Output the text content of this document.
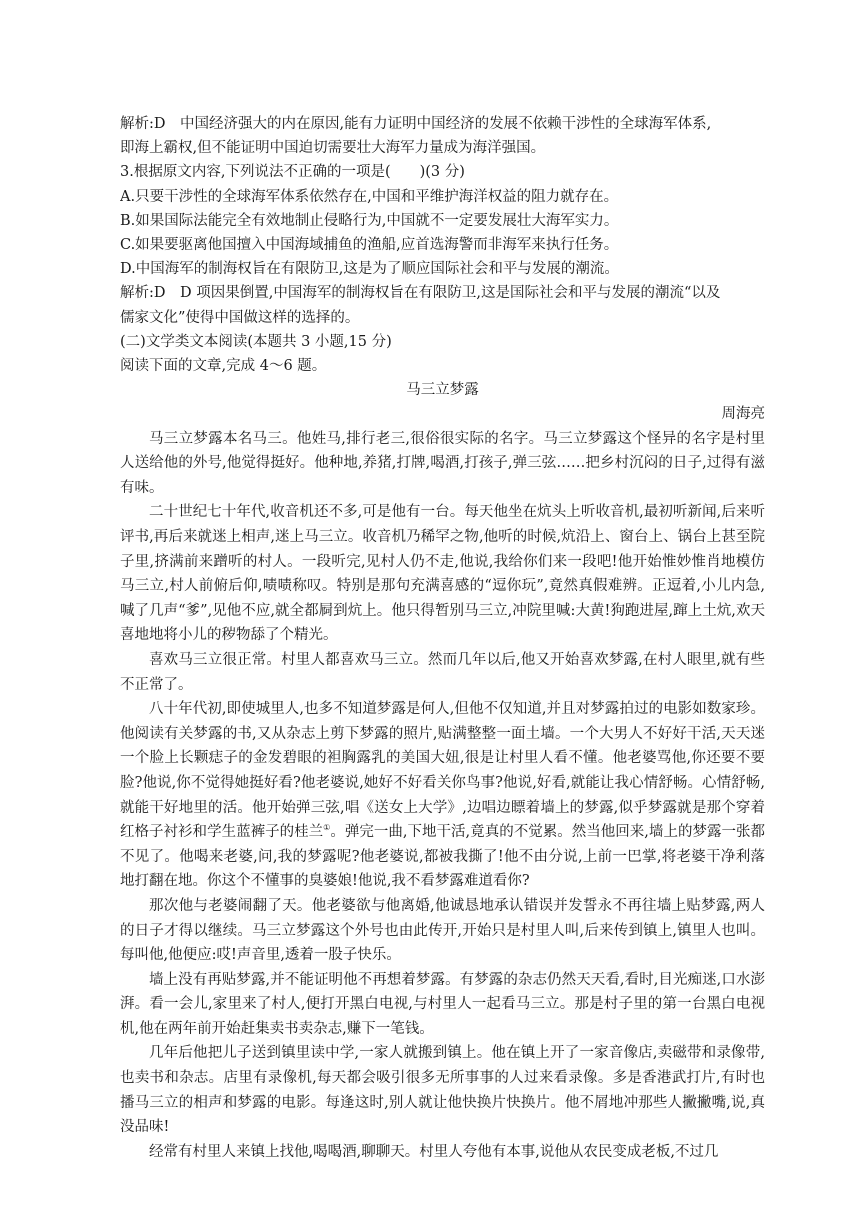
解析:D　中国经济强大的内在原因,能有力证明中国经济的发展不依赖干涉性的全球海军体系,
即海上霸权,但不能证明中国迫切需要壮大海军力量成为海洋强国。
3.根据原文内容,下列说法不正确的一项是(　　)(3 分)
A.只要干涉性的全球海军体系依然存在,中国和平维护海洋权益的阻力就存在。
B.如果国际法能完全有效地制止侵略行为,中国就不一定要发展壮大海军实力。
C.如果要驱离他国擅入中国海域捕鱼的渔船,应首选海警而非海军来执行任务。
D.中国海军的制海权旨在有限防卫,这是为了顺应国际社会和平与发展的潮流。
解析:D　D 项因果倒置,中国海军的制海权旨在有限防卫,这是国际社会和平与发展的潮流“以及
儒家文化”使得中国做这样的选择的。
(二)文学类文本阅读(本题共 3 小题,15 分)
阅读下面的文章,完成 4～6 题。
马三立梦露
周海亮

马三立梦露本名马三。他姓马,排行老三,很俗很实际的名字。马三立梦露这个怪异的名字是村里人送给他的外号,他觉得挺好。他种地,养猪,打牌,喝酒,打孩子,弹三弦……把乡村沉闷的日子,过得有滋有味。

二十世纪七十年代,收音机还不多,可是他有一台。每天他坐在炕头上听收音机,最初听新闻,后来听评书,再后来就迷上相声,迷上马三立。收音机乃稀罕之物,他听的时候,炕沿上、窗台上、锅台上甚至院子里,挤满前来蹭听的村人。一段听完,见村人仍不走,他说,我给你们来一段吧!他开始惟妙惟肖地模仿马三立,村人前俯后仰,啧啧称叹。特别是那句充满喜感的“逗你玩”,竟然真假难辨。正逗着,小儿内急,喊了几声“爹”,见他不应,就全都屙到炕上。他只得暂别马三立,冲院里喊:大黄!狗跑进屋,蹿上土炕,欢天喜地地将小儿的秽物舔了个精光。

喜欢马三立很正常。村里人都喜欢马三立。然而几年以后,他又开始喜欢梦露,在村人眼里,就有些不正常了。

八十年代初,即使城里人,也多不知道梦露是何人,但他不仅知道,并且对梦露拍过的电影如数家珍。他阅读有关梦露的书,又从杂志上剪下梦露的照片,贴满整整一面土墙。一个大男人不好好干活,天天迷一个脸上长颗痣子的金发碧眼的袒胸露乳的美国大妞,很是让村里人看不懂。他老婆骂他,你还要不要脸?他说,你不觉得她挺好看?他老婆说,她好不好看关你鸟事?他说,好看,就能让我心情舒畅。心情舒畅,就能干好地里的活。他开始弹三弦,唱《送女上大学》,边唱边瞟着墙上的梦露,似乎梦露就是那个穿着红格子衬衫和学生蓝裤子的桂兰①。弹完一曲,下地干活,竟真的不觉累。然当他回来,墙上的梦露一张都不见了。他喝来老婆,问,我的梦露呢?他老婆说,都被我撕了!他不由分说,上前一巴掌,将老婆干净利落地打翻在地。你这个不懂事的臭婆娘!他说,我不看梦露难道看你?

那次他与老婆闹翻了天。他老婆欲与他离婚,他诚恳地承认错误并发誓永不再往墙上贴梦露,两人的日子才得以继续。马三立梦露这个外号也由此传开,开始只是村里人叫,后来传到镇上,镇里人也叫。每叫他,他便应:哎!声音里,透着一股子快乐。

墙上没有再贴梦露,并不能证明他不再想着梦露。有梦露的杂志仍然天天看,看时,目光痴迷,口水澎湃。看一会儿,家里来了村人,便打开黑白电视,与村里人一起看马三立。那是村子里的第一台黑白电视机,他在两年前开始赶集卖书卖杂志,赚下一笔钱。

几年后他把儿子送到镇里读中学,一家人就搬到镇上。他在镇上开了一家音像店,卖磁带和录像带,也卖书和杂志。店里有录像机,每天都会吸引很多无所事事的人过来看录像。多是香港武打片,有时也播马三立的相声和梦露的电影。每逢这时,别人就让他快换片快换片。他不屑地冲那些人撇撇嘴,说,真没品味!

经常有村里人来镇上找他,喝喝酒,聊聊天。村里人夸他有本事,说他从农民变成老板,不过几
